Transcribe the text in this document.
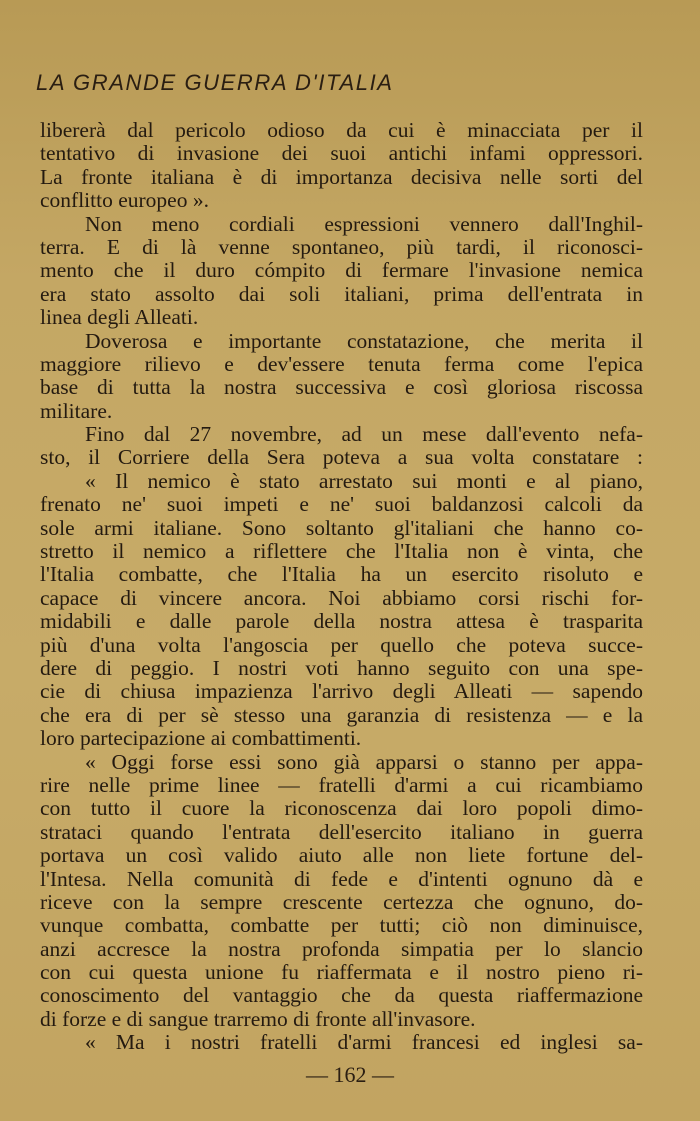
LA GRANDE GUERRA D'ITALIA
libererà dal pericolo odioso da cui è minacciata per il
tentativo di invasione dei suoi antichi infami oppressori.
La fronte italiana è di importanza decisiva nelle sorti del
conflitto europeo ».
Non meno cordiali espressioni vennero dall'Inghil-
terra. E di là venne spontaneo, più tardi, il riconosci-
mento che il duro cómpito di fermare l'invasione nemica
era stato assolto dai soli italiani, prima dell'entrata in
linea degli Alleati.
Doverosa e importante constatazione, che merita il
maggiore rilievo e dev'essere tenuta ferma come l'epica
base di tutta la nostra successiva e così gloriosa riscossa
militare.
Fino dal 27 novembre, ad un mese dall'evento nefa-
sto, il Corriere della Sera poteva a sua volta constatare :
« Il nemico è stato arrestato sui monti e al piano,
frenato ne' suoi impeti e ne' suoi baldanzosi calcoli da
sole armi italiane. Sono soltanto gl'italiani che hanno co-
stretto il nemico a riflettere che l'Italia non è vinta, che
l'Italia combatte, che l'Italia ha un esercito risoluto e
capace di vincere ancora. Noi abbiamo corsi rischi for-
midabili e dalle parole della nostra attesa è trasparita
più d'una volta l'angoscia per quello che poteva succe-
dere di peggio. I nostri voti hanno seguito con una spe-
cie di chiusa impazienza l'arrivo degli Alleati — sapendo
che era di per sè stesso una garanzia di resistenza — e la
loro partecipazione ai combattimenti.
« Oggi forse essi sono già apparsi o stanno per appa-
rire nelle prime linee — fratelli d'armi a cui ricambiamo
con tutto il cuore la riconoscenza dai loro popoli dimo-
strataci quando l'entrata dell'esercito italiano in guerra
portava un così valido aiuto alle non liete fortune del-
l'Intesa. Nella comunità di fede e d'intenti ognuno dà e
riceve con la sempre crescente certezza che ognuno, do-
vunque combatta, combatte per tutti; ciò non diminuisce,
anzi accresce la nostra profonda simpatia per lo slancio
con cui questa unione fu riaffermata e il nostro pieno ri-
conoscimento del vantaggio che da questa riaffermazione
di forze e di sangue trarremo di fronte all'invasore.
« Ma i nostri fratelli d'armi francesi ed inglesi sa-
— 162 —
